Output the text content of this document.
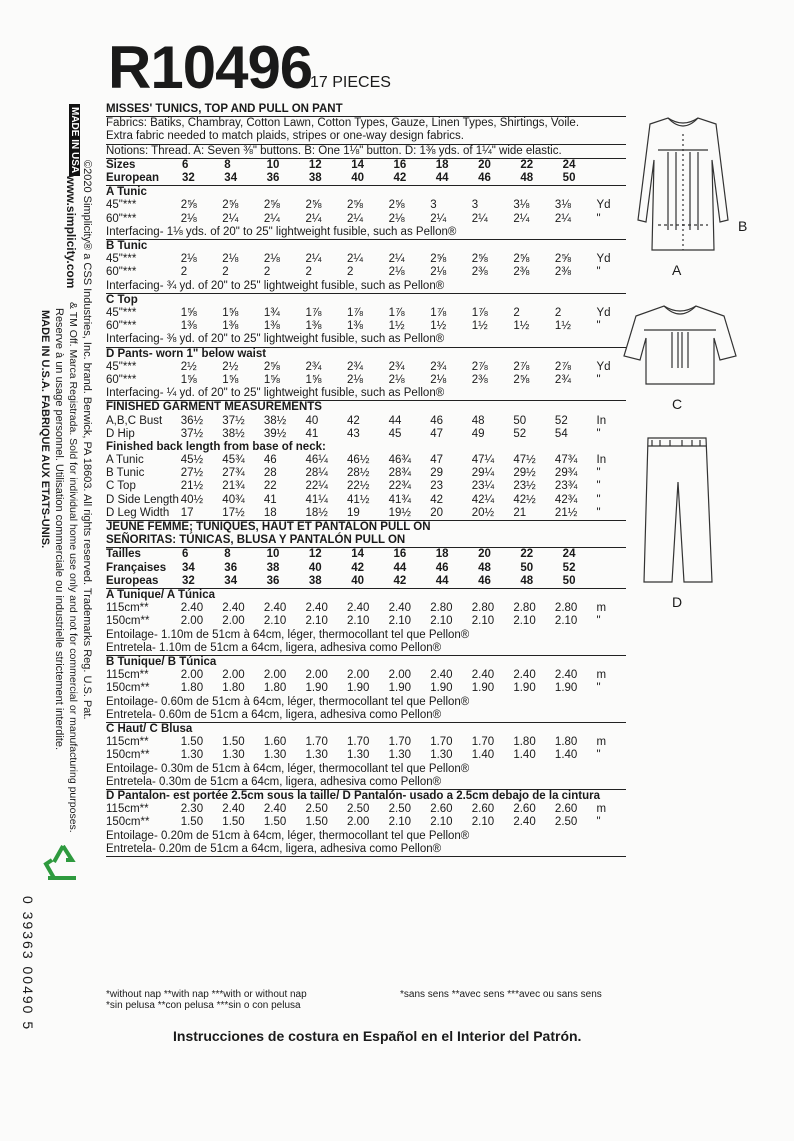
R10496
17 PIECES
MADE IN USA
www.simplicity.com ©2020 Simplicity® a CSS Industries, Inc. brand. Berwick, PA 18603. All rights reserved. Trademarks Reg. U.S. Pat.
& TM Off. Marca Registrada. Sold for individual home use only and not for commercial or manufacturing purposes.
Reserve à un usage personnel. Utilisation commerciale ou industrielle strictement interdite.
MADE IN U.S.A. FABRIQUE AUX ETATS-UNIS.
0 39363 00490 5
MISSES' TUNICS, TOP AND PULL ON PANT
Fabrics: Batiks, Chambray, Cotton Lawn, Cotton Types, Gauze, Linen Types, Shirtings, Voile.
Extra fabric needed to match plaids, stripes or one-way design fabrics.
Notions: Thread. A: Seven ⅜" buttons. B: One 1⅛" button. D: 1⅜ yds. of 1¼" wide elastic.
Sizes	6	8	10	12	14	16	18	20	22	24
European	32	34	36	38	40	42	44	46	48	50
A Tunic
45"***	2⅝	2⅝	2⅝	2⅝	2⅝	2⅝	3	3	3⅛	3⅛	Yd
60"***	2⅛	2¼	2¼	2¼	2¼	2⅛	2¼	2¼	2¼	2¼	"
Interfacing- 1⅛ yds. of 20" to 25" lightweight fusible, such as Pellon®
B Tunic
45"***	2⅛	2⅛	2⅛	2¼	2¼	2¼	2⅝	2⅝	2⅝	2⅝	Yd
60"***	2	2	2	2	2	2⅛	2⅛	2⅜	2⅜	2⅜	"
Interfacing- ¾ yd. of 20" to 25" lightweight fusible, such as Pellon®
C Top
45"***	1⅝	1⅝	1¾	1⅞	1⅞	1⅞	1⅞	1⅞	2	2	Yd
60"***	1⅜	1⅜	1⅜	1⅜	1⅜	1½	1½	1½	1½	1½	"
Interfacing- ⅜ yd. of 20" to 25" lightweight fusible, such as Pellon®
D Pants- worn 1" below waist
45"***	2½	2½	2⅝	2¾	2¾	2¾	2¾	2⅞	2⅞	2⅞	Yd
60"***	1⅝	1⅝	1⅝	1⅝	2⅛	2⅛	2⅛	2⅜	2⅝	2¾	"
Interfacing- ¼ yd. of 20" to 25" lightweight fusible, such as Pellon®
FINISHED GARMENT MEASUREMENTS
A,B,C Bust	36½	37½	38½	40	42	44	46	48	50	52	In
D Hip	37½	38½	39½	41	43	45	47	49	52	54	"
Finished back length from base of neck:
A Tunic	45½	45¾	46	46¼	46½	46¾	47	47¼	47½	47¾	In
B Tunic	27½	27¾	28	28¼	28½	28¾	29	29¼	29½	29¾	"
C Top	21½	21¾	22	22¼	22½	22¾	23	23¼	23½	23¾	"
D Side Length 40½	40¾	41	41¼	41½	41¾	42	42¼	42½	42¾	"
D Leg Width 17	17½	18	18½	19	19½	20	20½	21	21½	"
JEUNE FEMME; TUNIQUES, HAUT ET PANTALON PULL ON
SEÑORITAS: TÚNICAS, BLUSA Y PANTALÓN PULL ON
Tailles	6	8	10	12	14	16	18	20	22	24
Françaises	34	36	38	40	42	44	46	48	50	52
Europeas	32	34	36	38	40	42	44	46	48	50
A Tunique/ A Túnica
115cm**	2.40	2.40	2.40	2.40	2.40	2.40	2.80	2.80	2.80	2.80	m
150cm**	2.00	2.00	2.10	2.10	2.10	2.10	2.10	2.10	2.10	2.10	"
Entoilage- 1.10m de 51cm à 64cm, léger, thermocollant tel que Pellon®
Entretela- 1.10m de 51cm a 64cm, ligera, adhesiva como Pellon®
B Tunique/ B Túnica
115cm**	2.00	2.00	2.00	2.00	2.00	2.00	2.40	2.40	2.40	2.40	m
150cm**	1.80	1.80	1.80	1.90	1.90	1.90	1.90	1.90	1.90	1.90	"
Entoilage- 0.60m de 51cm à 64cm, léger, thermocollant tel que Pellon®
Entretela- 0.60m de 51cm a 64cm, ligera, adhesiva como Pellon®
C Haut/ C Blusa
115cm**	1.50	1.50	1.60	1.70	1.70	1.70	1.70	1.70	1.80	1.80	m
150cm**	1.30	1.30	1.30	1.30	1.30	1.30	1.30	1.40	1.40	1.40	"
Entoilage- 0.30m de 51cm à 64cm, léger, thermocollant tel que Pellon®
Entretela- 0.30m de 51cm a 64cm, ligera, adhesiva como Pellon®
D Pantalon- est portée 2.5cm sous la taille/ D Pantalón- usado a 2.5cm debajo de la cintura
115cm**	2.30	2.40	2.40	2.50	2.50	2.50	2.60	2.60	2.60	2.60	m
150cm**	1.50	1.50	1.50	1.50	2.00	2.10	2.10	2.10	2.40	2.50	"
Entoilage- 0.20m de 51cm à 64cm, léger, thermocollant tel que Pellon®
Entretela- 0.20m de 51cm a 64cm, ligera, adhesiva como Pellon®
*without nap **with nap ***with or without nap
*sin pelusa **con pelusa ***sin o con pelusa
*sans sens **avec sens ***avec ou sans sens
Instrucciones de costura en Español en el Interior del Patrón.
A
B
C
D
